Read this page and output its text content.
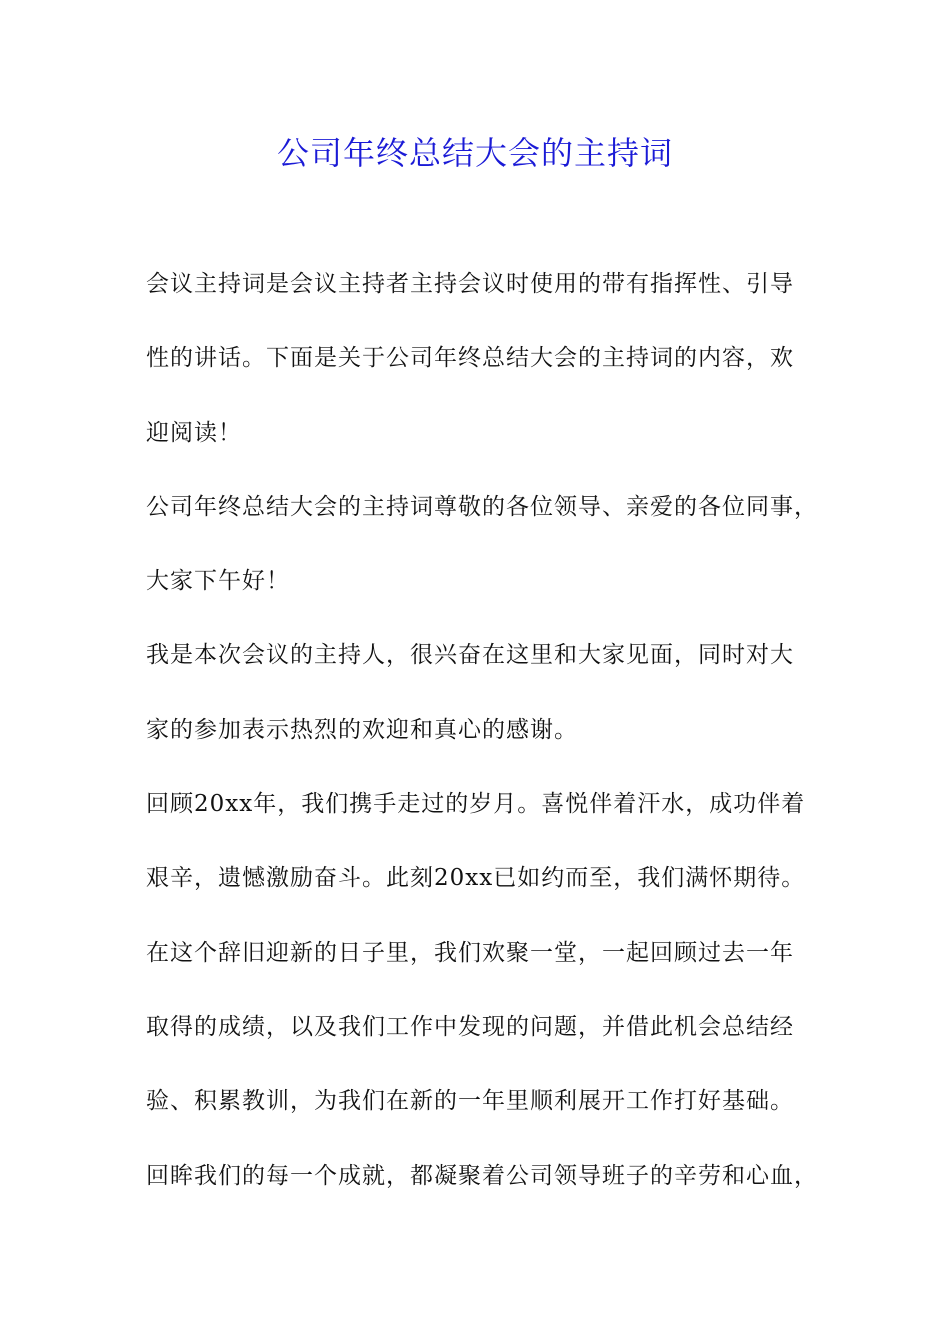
公司年终总结大会的主持词
会议主持词是会议主持者主持会议时使用的带有指挥性、引导
性的讲话。下面是关于公司年终总结大会的主持词的内容，欢
迎阅读！
公司年终总结大会的主持词尊敬的各位领导、亲爱的各位同事，
大家下午好！
我是本次会议的主持人，很兴奋在这里和大家见面，同时对大
家的参加表示热烈的欢迎和真心的感谢。
回顾20xx年，我们携手走过的岁月。喜悦伴着汗水，成功伴着
艰辛，遗憾激励奋斗。此刻20xx已如约而至，我们满怀期待。
在这个辞旧迎新的日子里，我们欢聚一堂，一起回顾过去一年
取得的成绩，以及我们工作中发现的问题，并借此机会总结经
验、积累教训，为我们在新的一年里顺利展开工作打好基础。
回眸我们的每一个成就，都凝聚着公司领导班子的辛劳和心血，
